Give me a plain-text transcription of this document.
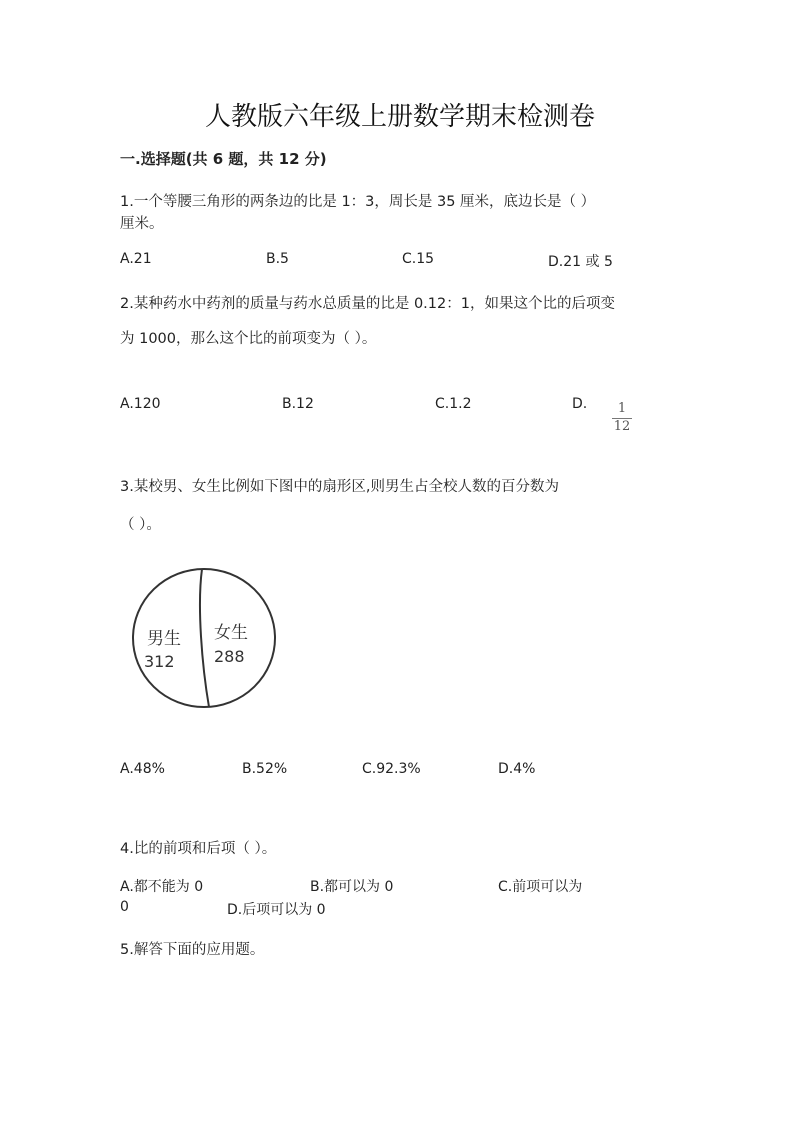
人教版六年级上册数学期末检测卷
一.选择题(共 6 题，共 12 分)
1.一个等腰三角形的两条边的比是 1：3，周长是 35 厘米，底边长是（ ）
厘米。
A.21	B.5	C.15	D.21 或 5
2.某种药水中药剂的质量与药水总质量的比是 0.12：1，如果这个比的后项变
为 1000，那么这个比的前项变为（ ）。
A.120	B.12	C.1.2	D.	1
12
3.某校男、女生比例如下图中的扇形区,则男生占全校人数的百分数为
（ ）。
男生
312
女生
288
A.48%	B.52%	C.92.3%	D.4%
4.比的前项和后项（ ）。
A.都不能为 0	B.都可以为 0	C.前项可以为
0	D.后项可以为 0
5.解答下面的应用题。
